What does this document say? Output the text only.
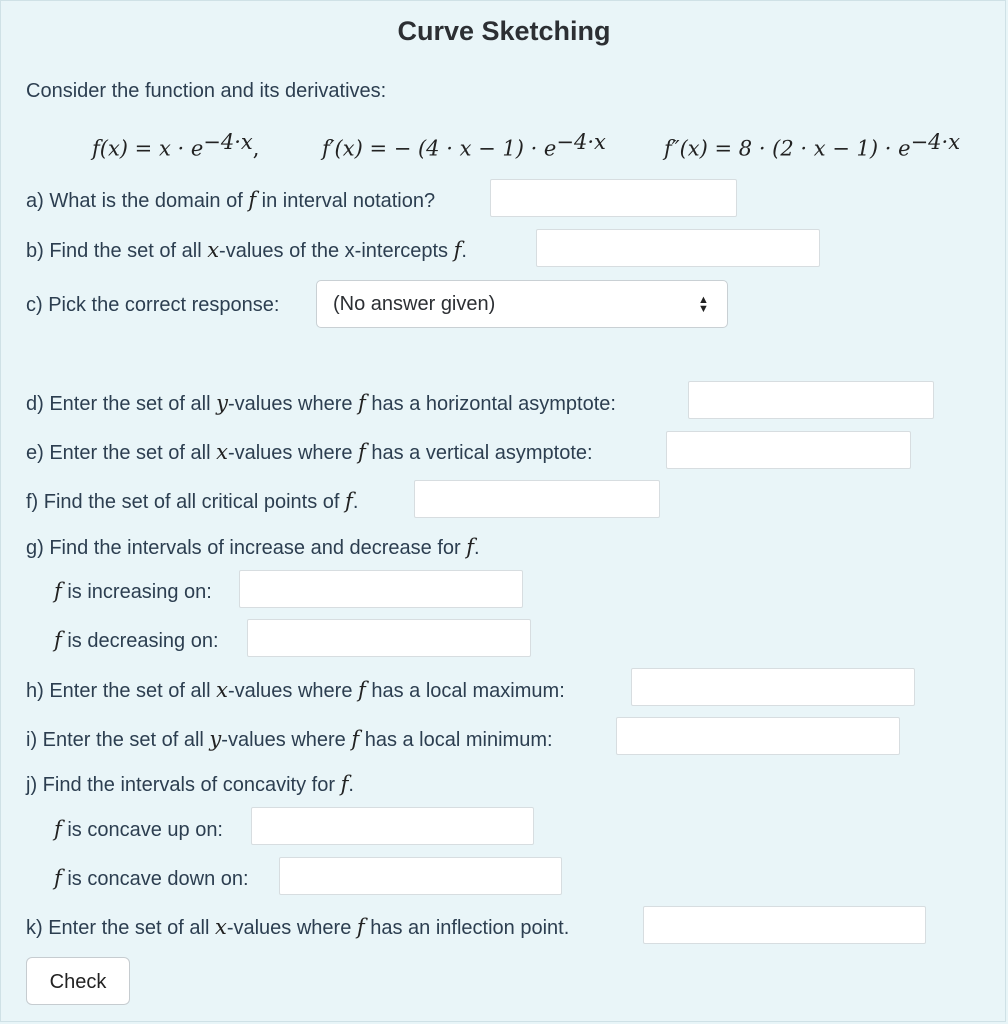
Curve Sketching
Consider the function and its derivatives:
$f(x) = x \cdot e^{-4\cdot x}$,	f′(x) = − $(4 \cdot x - 1) \cdot e^{-4\cdot x}$	$f''(x) = 8 \cdot (2 \cdot x - 1) \cdot e^{-4\cdot x}$
a) What is the domain of f in interval notation?
b) Find the set of all x-values of the x-intercepts f.
c) Pick the correct response:	(No answer given)	▲
▼
d) Enter the set of all y-values where f has a horizontal asymptote:
e) Enter the set of all x-values where f has a vertical asymptote:
f) Find the set of all critical points of f.
g) Find the intervals of increase and decrease for f.
f is increasing on:
f is decreasing on:
h) Enter the set of all x-values where f has a local maximum:
i) Enter the set of all y-values where f has a local minimum:
j) Find the intervals of concavity for f.
f is concave up on:
f is concave down on:
k) Enter the set of all x-values where f has an inflection point.
Check
